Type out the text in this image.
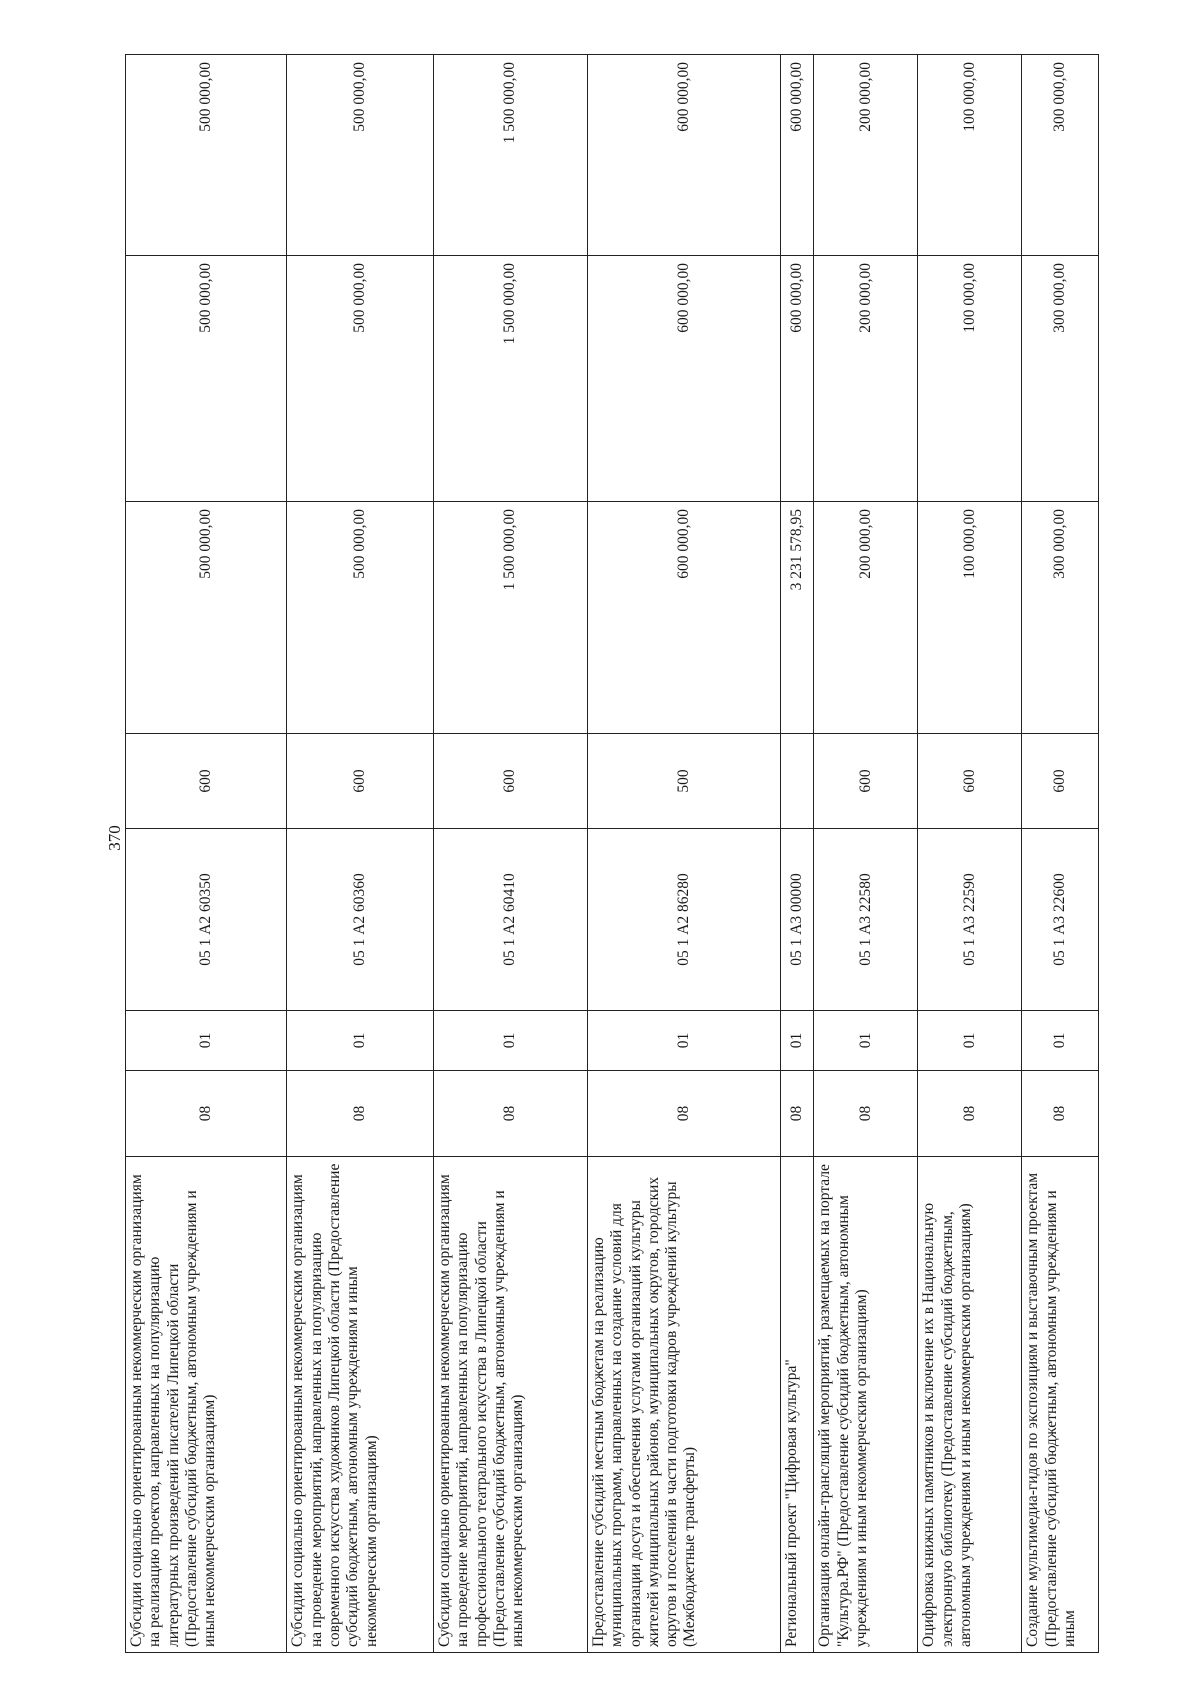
370
Субсидии социально ориентированным некоммерческим организациям на реализацию проектов, направленных на популяризацию литературных произведений писателей Липецкой области (Предоставление субсидий бюджетным, автономным учреждениям и иным некоммерческим организациям)	08	01	05 1 А2 60350	600	500 000,00	500 000,00	500 000,00
Субсидии социально ориентированным некоммерческим организациям на проведение мероприятий, направленных на популяризацию современного искусства художников Липецкой области (Предоставление субсидий бюджетным, автономным учреждениям и иным некоммерческим организациям)	08	01	05 1 А2 60360	600	500 000,00	500 000,00	500 000,00
Субсидии социально ориентированным некоммерческим организациям на проведение мероприятий, направленных на популяризацию профессионального театрального искусства в Липецкой области (Предоставление субсидий бюджетным, автономным учреждениям и иным некоммерческим организациям)	08	01	05 1 А2 60410	600	1 500 000,00	1 500 000,00	1 500 000,00
Предоставление субсидий местным бюджетам на реализацию муниципальных программ, направленных на создание условий для организации досуга и обеспечения услугами организаций культуры жителей муниципальных районов, муниципальных округов, городских округов и поселений в части подготовки кадров учреждений культуры (Межбюджетные трансферты)	08	01	05 1 А2 86280	500	600 000,00	600 000,00	600 000,00
Региональный проект "Цифровая культура"	08	01	05 1 А3 00000		3 231 578,95	600 000,00	600 000,00
Организация онлайн-трансляций мероприятий, размещаемых на портале "Культура.РФ" (Предоставление субсидий бюджетным, автономным учреждениям и иным некоммерческим организациям)	08	01	05 1 А3 22580	600	200 000,00	200 000,00	200 000,00
Оцифровка книжных памятников и включение их в Национальную электронную библиотеку (Предоставление субсидий бюджетным, автономным учреждениям и иным некоммерческим организациям)	08	01	05 1 А3 22590	600	100 000,00	100 000,00	100 000,00
Создание мультимедиа-гидов по экспозициям и выставочным проектам (Предоставление субсидий бюджетным, автономным учреждениям и иным	08	01	05 1 А3 22600	600	300 000,00	300 000,00	300 000,00
